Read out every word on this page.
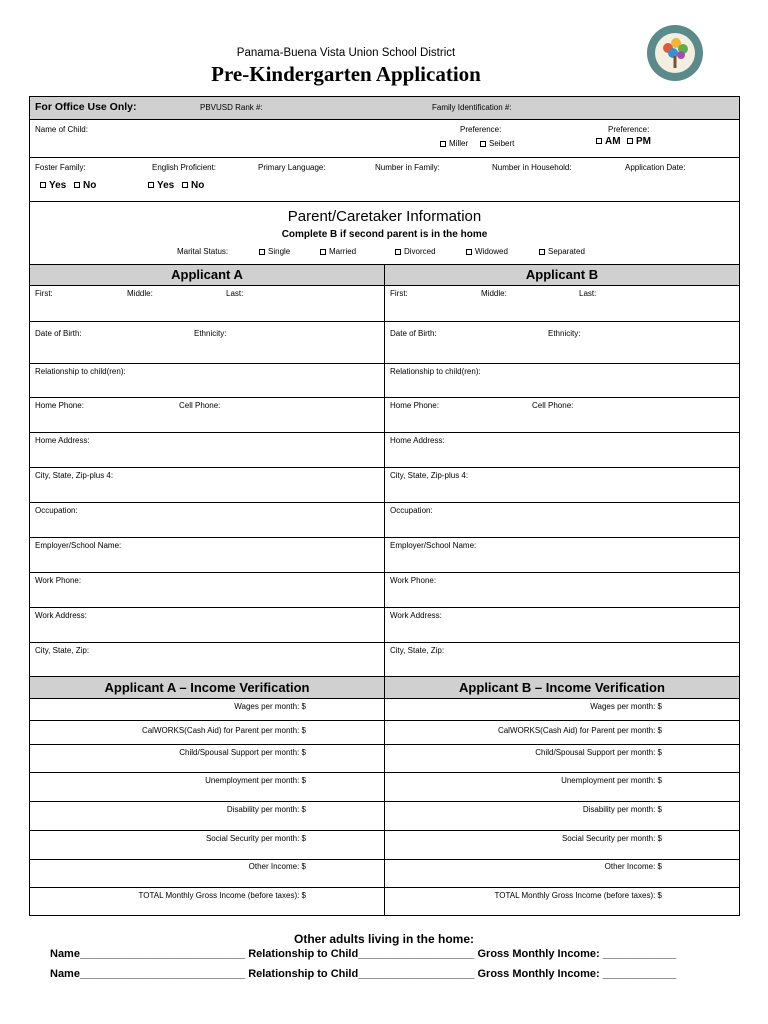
Panama-Buena Vista Union School District
Pre-Kindergarten Application
For Office Use Only:	PBVUSD Rank #:	Family Identification #:
Name of Child:	Preference:
Miller	Seibert
Preference:
AM	PM
Foster Family:	English Proficient:	Primary Language:	Number in Family:	Number in Household:	Application Date:
Yes	No	Yes	No
Parent/Caretaker Information
Complete B if second parent is in the home
Marital Status:	Single	Married	Divorced	Widowed	Separated
Applicant A	Applicant B
First:	Middle:	Last:	First:	Middle:	Last:
Date of Birth:	Ethnicity:	Date of Birth:	Ethnicity:
Relationship to child(ren):	Relationship to child(ren):
Home Phone:	Cell Phone:	Home Phone:	Cell Phone:
Home Address:	Home Address:
City, State, Zip-plus 4:	City, State, Zip-plus 4:
Occupation:	Occupation:
Employer/School Name:	Employer/School Name:
Work Phone:	Work Phone:
Work Address:	Work Address:
City, State, Zip:	City, State, Zip:
Applicant A – Income Verification	Applicant B – Income Verification
Wages per month: $	Wages per month: $
CalWORKS(Cash Aid) for Parent per month: $	CalWORKS(Cash Aid) for Parent per month: $
Child/Spousal Support per month: $	Child/Spousal Support per month: $
Unemployment per month: $	Unemployment per month: $
Disability per month: $	Disability per month: $
Social Security per month: $	Social Security per month: $
Other Income: $	Other Income: $
TOTAL Monthly Gross Income (before taxes): $	TOTAL Monthly Gross Income (before taxes): $
Other adults living in the home:
Name___________________________ Relationship to Child___________________ Gross Monthly Income: ____________
Name___________________________ Relationship to Child___________________ Gross Monthly Income: ____________
